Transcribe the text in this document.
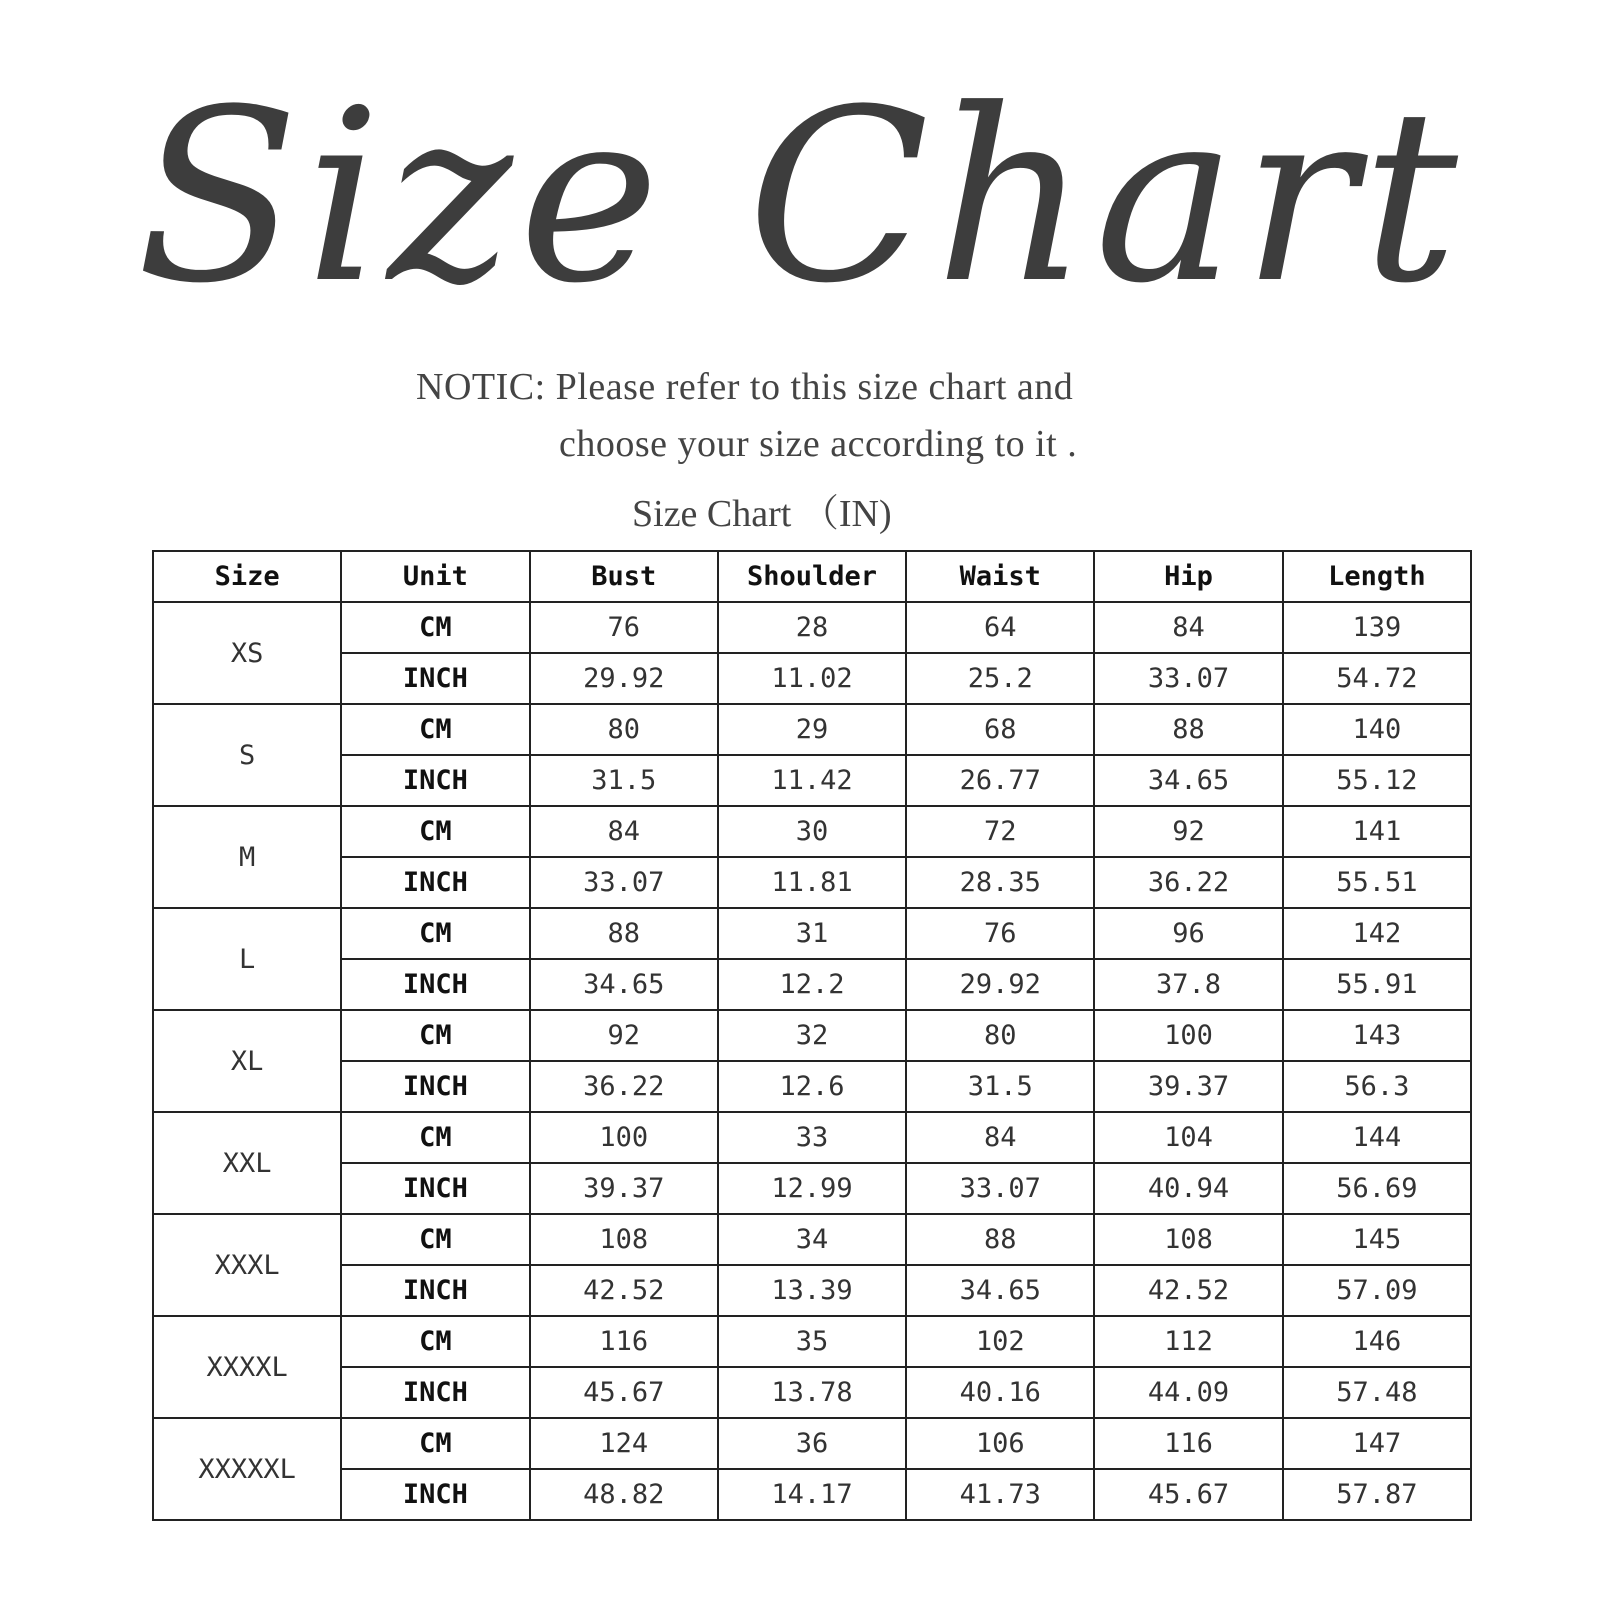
Size Chart
NOTIC: Please refer to this size chart and
choose your size according to it .
Size Chart （IN)
Size	Unit	Bust	Shoulder	Waist	Hip	Length
XS	CM	76	28	64	84	139
	INCH	29.92	11.02	25.2	33.07	54.72
S	CM	80	29	68	88	140
	INCH	31.5	11.42	26.77	34.65	55.12
M	CM	84	30	72	92	141
	INCH	33.07	11.81	28.35	36.22	55.51
L	CM	88	31	76	96	142
	INCH	34.65	12.2	29.92	37.8	55.91
XL	CM	92	32	80	100	143
	INCH	36.22	12.6	31.5	39.37	56.3
XXL	CM	100	33	84	104	144
	INCH	39.37	12.99	33.07	40.94	56.69
XXXL	CM	108	34	88	108	145
	INCH	42.52	13.39	34.65	42.52	57.09
XXXXL	CM	116	35	102	112	146
	INCH	45.67	13.78	40.16	44.09	57.48
XXXXXL	CM	124	36	106	116	147
	INCH	48.82	14.17	41.73	45.67	57.87
